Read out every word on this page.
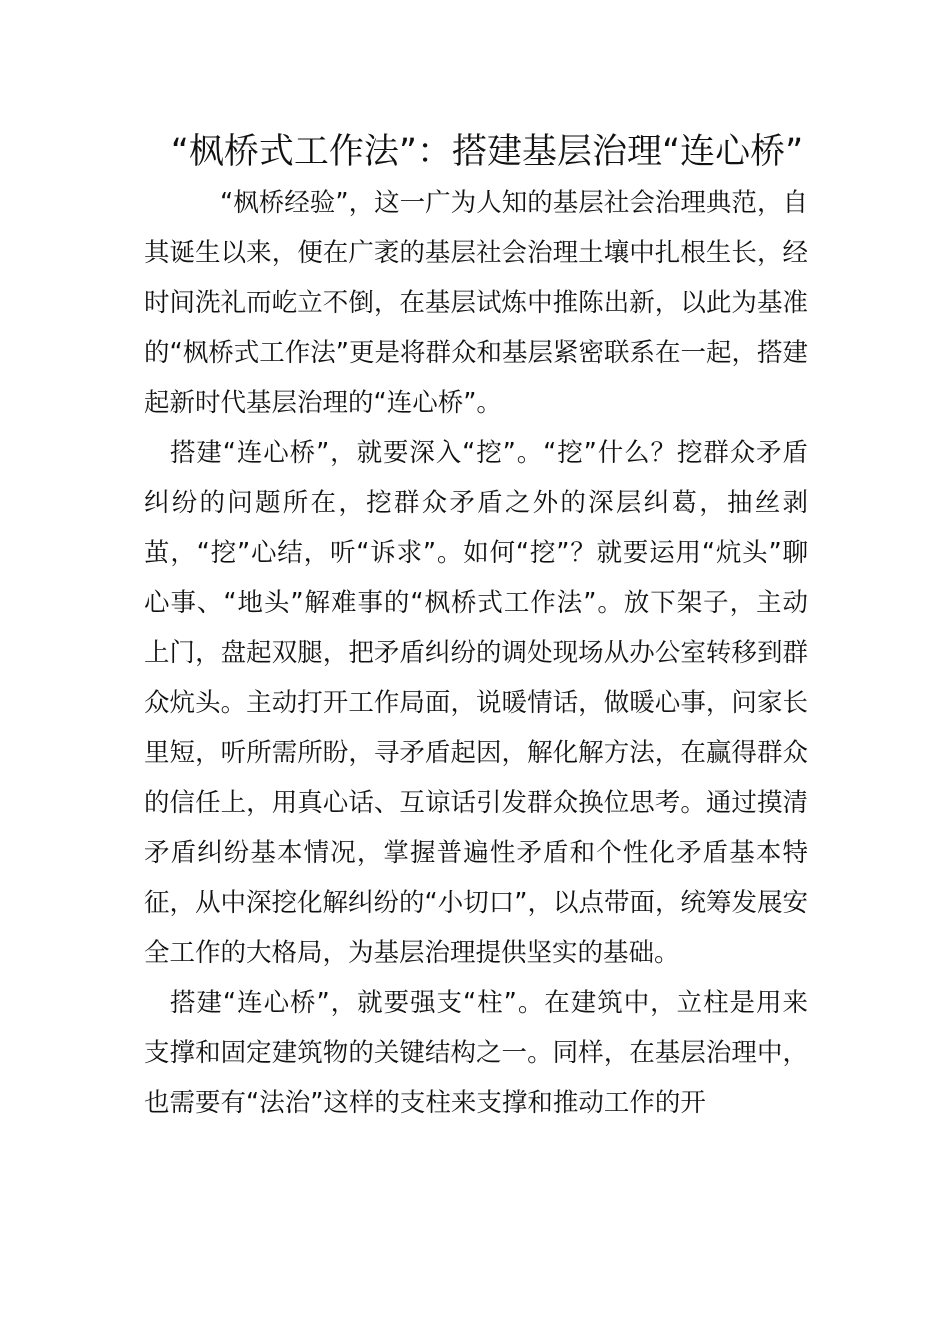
“枫桥式工作法”：搭建基层治理“连心桥”

“枫桥经验”，这一广为人知的基层社会治理典范，自其诞生以来，便在广袤的基层社会治理土壤中扎根生长，经时间洗礼而屹立不倒，在基层试炼中推陈出新，以此为基准的“枫桥式工作法”更是将群众和基层紧密联系在一起，搭建起新时代基层治理的“连心桥”。

搭建“连心桥”，就要深入“挖”。“挖”什么？挖群众矛盾纠纷的问题所在，挖群众矛盾之外的深层纠葛，抽丝剥茧，“挖”心结，听“诉求”。如何“挖”？就要运用“炕头”聊心事、“地头”解难事的“枫桥式工作法”。放下架子，主动上门，盘起双腿，把矛盾纠纷的调处现场从办公室转移到群众炕头。主动打开工作局面，说暖情话，做暖心事，问家长里短，听所需所盼，寻矛盾起因，解化解方法，在赢得群众的信任上，用真心话、互谅话引发群众换位思考。通过摸清矛盾纠纷基本情况，掌握普遍性矛盾和个性化矛盾基本特征，从中深挖化解纠纷的“小切口”，以点带面，统筹发展安全工作的大格局，为基层治理提供坚实的基础。

搭建“连心桥”，就要强支“柱”。在建筑中，立柱是用来支撑和固定建筑物的关键结构之一。同样，在基层治理中，也需要有“法治”这样的支柱来支撑和推动工作的开
